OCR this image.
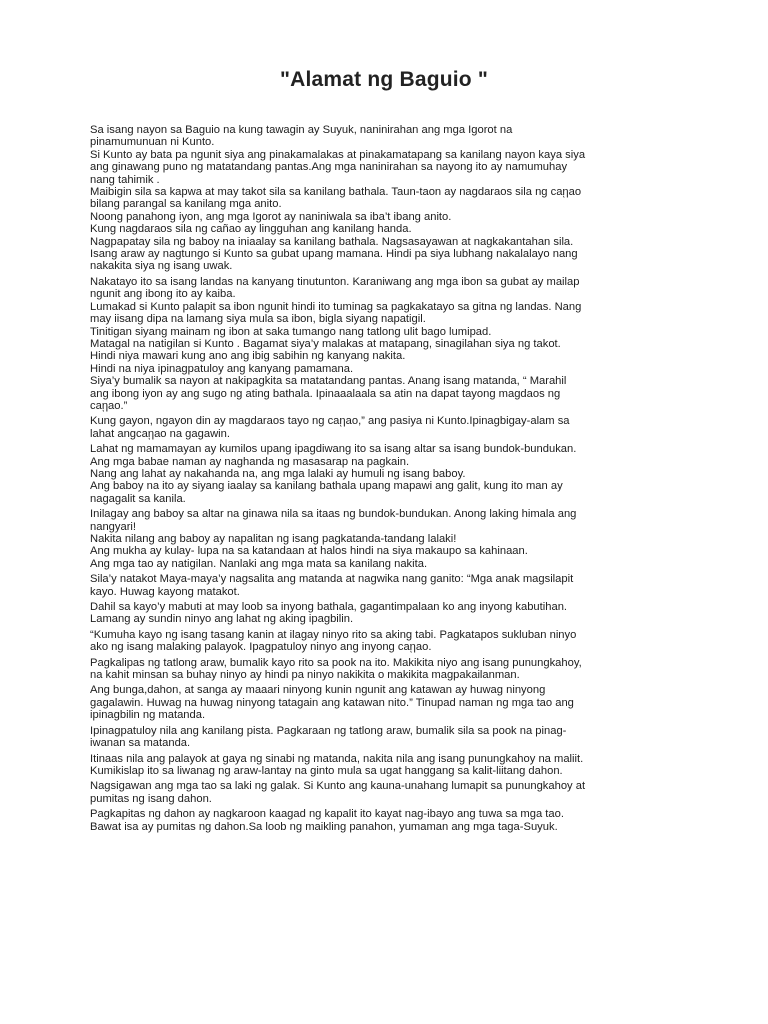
"Alamat ng Baguio "
Sa isang nayon sa Baguio na kung tawagin ay Suyuk, naninirahan ang mga Igorot na
pinamumunuan ni Kunto.
Si Kunto ay bata pa ngunit siya ang pinakamalakas at pinakamatapang sa kanilang nayon kaya siya
ang ginawang puno ng matatandang pantas.Ang mga naninirahan sa nayong ito ay namumuhay
nang tahimik .
Maibigin sila sa kapwa at may takot sila sa kanilang bathala. Taun-taon ay nagdaraos sila ng caῃao
bilang parangal sa kanilang mga anito.
Noong panahong iyon, ang mga Igorot ay naniniwala sa iba’t ibang anito.
Kung nagdaraos sila ng cañao ay lingguhan ang kanilang handa.
Nagpapatay sila ng baboy na iniaalay sa kanilang bathala. Nagsasayawan at nagkakantahan sila.
Isang araw ay nagtungo si Kunto sa gubat upang mamana. Hindi pa siya lubhang nakalalayo nang
nakakita siya ng isang uwak.
Nakatayo ito sa isang landas na kanyang tinutunton. Karaniwang ang mga ibon sa gubat ay mailap
ngunit ang ibong ito ay kaiba.
Lumakad si Kunto palapit sa ibon ngunit hindi ito tuminag sa pagkakatayo sa gitna ng landas. Nang
may iisang dipa na lamang siya mula sa ibon, bigla siyang napatigil.
Tinitigan siyang mainam ng ibon at saka tumango nang tatlong ulit bago lumipad.
Matagal na natigilan si Kunto . Bagamat siya’y malakas at matapang, sinagilahan siya ng takot.
Hindi niya mawari kung ano ang ibig sabihin ng kanyang nakita.
Hindi na niya ipinagpatuloy ang kanyang pamamana.
Siya’y bumalik sa nayon at nakipagkita sa matatandang pantas. Anang isang matanda, “ Marahil
ang ibong iyon ay ang sugo ng ating bathala. Ipinaaalaala sa atin na dapat tayong magdaos ng
caῃao.”
Kung gayon, ngayon din ay magdaraos tayo ng caῃao,” ang pasiya ni Kunto.Ipinagbigay-alam sa
lahat angcaῃao na gagawin.
Lahat ng mamamayan ay kumilos upang ipagdiwang ito sa isang altar sa isang bundok-bundukan.
Ang mga babae naman ay naghanda ng masasarap na pagkain.
Nang ang lahat ay nakahanda na, ang mga lalaki ay humuli ng isang baboy.
Ang baboy na ito ay siyang iaalay sa kanilang bathala upang mapawi ang galit, kung ito man ay
nagagalit sa kanila.
Inilagay ang baboy sa altar na ginawa nila sa itaas ng bundok-bundukan. Anong laking himala ang
nangyari!
Nakita nilang ang baboy ay napalitan ng isang pagkatanda-tandang lalaki!
Ang mukha ay kulay- lupa na sa katandaan at halos hindi na siya makaupo sa kahinaan.
Ang mga tao ay natigilan. Nanlaki ang mga mata sa kanilang nakita.
Sila’y natakot Maya-maya’y nagsalita ang matanda at nagwika nang ganito: “Mga anak magsilapit
kayo. Huwag kayong matakot.
Dahil sa kayo’y mabuti at may loob sa inyong bathala, gagantimpalaan ko ang inyong kabutihan.
Lamang ay sundin ninyo ang lahat ng aking ipagbilin.
“Kumuha kayo ng isang tasang kanin at ilagay ninyo rito sa aking tabi. Pagkatapos sukluban ninyo
ako ng isang malaking palayok. Ipagpatuloy ninyo ang inyong caῃao.
Pagkalipas ng tatlong araw, bumalik kayo rito sa pook na ito. Makikita niyo ang isang punungkahoy,
na kahit minsan sa buhay ninyo ay hindi pa ninyo nakikita o makikita magpakailanman.
Ang bunga,dahon, at sanga ay maaari ninyong kunin ngunit ang katawan ay huwag ninyong
gagalawin. Huwag na huwag ninyong tatagain ang katawan nito.” Tinupad naman ng mga tao ang
ipinagbilin ng matanda.
Ipinagpatuloy nila ang kanilang pista. Pagkaraan ng tatlong araw, bumalik sila sa pook na pinag-
iwanan sa matanda.
Itinaas nila ang palayok at gaya ng sinabi ng matanda, nakita nila ang isang punungkahoy na maliit.
Kumikislap ito sa liwanag ng araw-lantay na ginto mula sa ugat hanggang sa kalit-liitang dahon.
Nagsigawan ang mga tao sa laki ng galak. Si Kunto ang kauna-unahang lumapit sa punungkahoy at
pumitas ng isang dahon.
Pagkapitas ng dahon ay nagkaroon kaagad ng kapalit ito kayat nag-ibayo ang tuwa sa mga tao.
Bawat isa ay pumitas ng dahon.Sa loob ng maikling panahon, yumaman ang mga taga-Suyuk.
